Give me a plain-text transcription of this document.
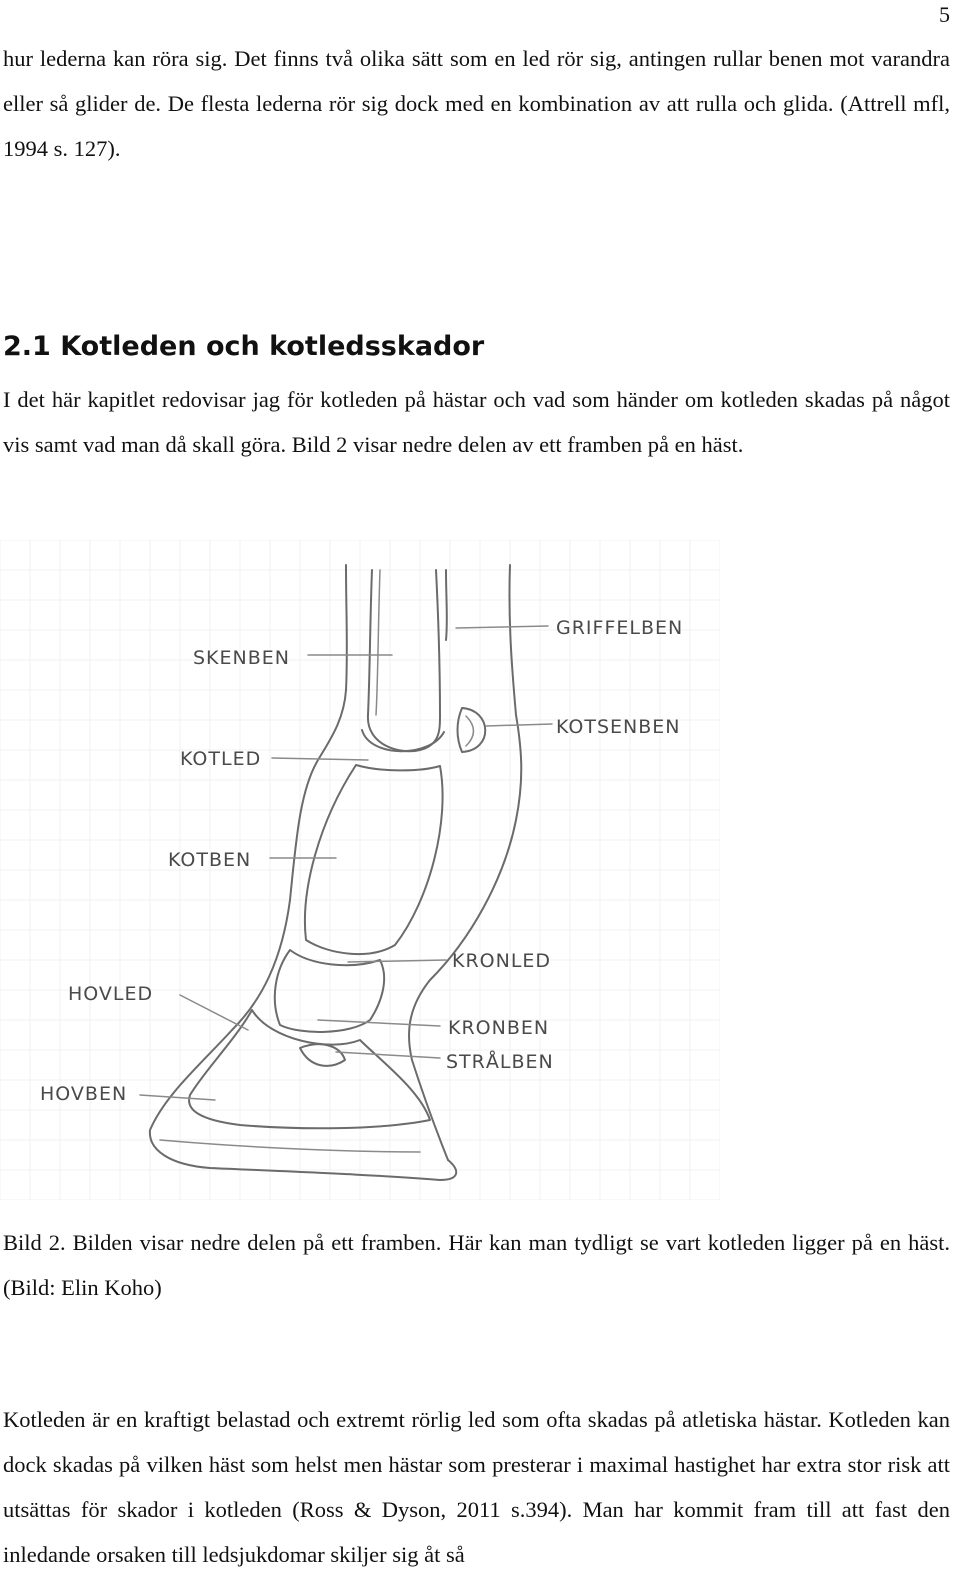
5

hur lederna kan röra sig. Det finns två olika sätt som en led rör sig, antingen rullar benen mot varandra eller så glider de. De flesta lederna rör sig dock med en kombination av att rulla och glida. (Attrell mfl, 1994 s. 127).

2.1 Kotleden och kotledsskador

I det här kapitlet redovisar jag för kotleden på hästar och vad som händer om kotleden skadas på något vis samt vad man då skall göra. Bild 2 visar nedre delen av ett framben på en häst.

GRIFFELBEN
SKENBEN
KOTSENBEN
KOTLED
KOTBEN
KRONLED
HOVLED
KRONBEN
STRÅLBEN
HOVBEN

Bild 2. Bilden visar nedre delen på ett framben. Här kan man tydligt se vart kotleden ligger på en häst. (Bild: Elin Koho)

Kotleden är en kraftigt belastad och extremt rörlig led som ofta skadas på atletiska hästar. Kotleden kan dock skadas på vilken häst som helst men hästar som presterar i maximal hastighet har extra stor risk att utsättas för skador i kotleden (Ross & Dyson, 2011 s.394). Man har kommit fram till att fast den inledande orsaken till ledsjukdomar skiljer sig åt så
